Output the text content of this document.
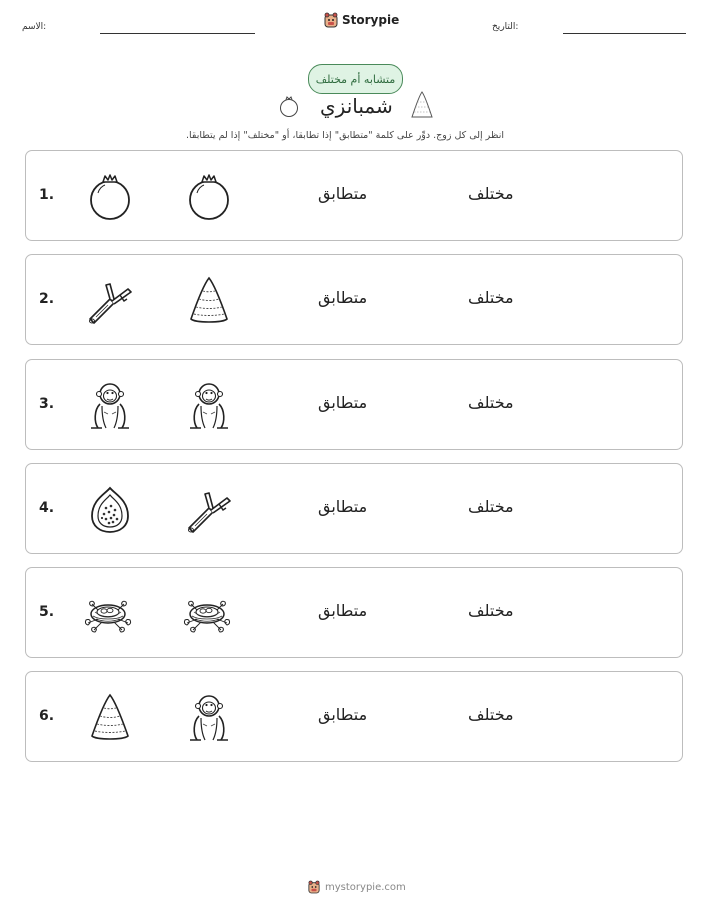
الاسم:	Storypie	التاريخ:
متشابه أم مختلف
شمبانزي
انظر إلى كل زوج. دوِّر على كلمة "متطابق" إذا تطابقا، أو "مختلف" إذا لم يتطابقا.
1.	متطابق	مختلف
2.	متطابق	مختلف
3.	متطابق	مختلف
4.	متطابق	مختلف
5.	متطابق	مختلف
6.	متطابق	مختلف
mystorypie.com
